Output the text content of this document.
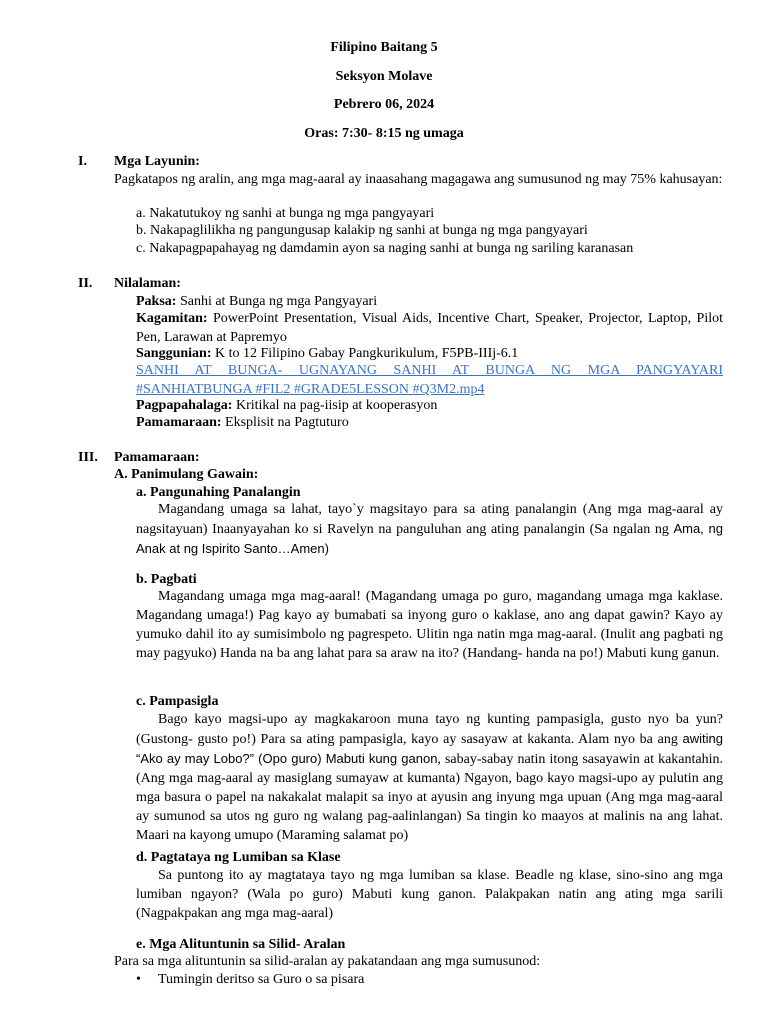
Filipino Baitang 5
Seksyon Molave
Pebrero 06, 2024
Oras: 7:30- 8:15 ng umaga
I. Mga Layunin:
Pagkatapos ng aralin, ang mga mag-aaral ay inaasahang magagawa ang sumusunod ng may 75% kahusayan:
a. Nakatutukoy ng sanhi at bunga ng mga pangyayari
b. Nakapaglilikha ng pangungusap kalakip ng sanhi at bunga ng mga pangyayari
c. Nakapagpapahayag ng damdamin ayon sa naging sanhi at bunga ng sariling karanasan
II. Nilalaman:
Paksa: Sanhi at Bunga ng mga Pangyayari
Kagamitan: PowerPoint Presentation, Visual Aids, Incentive Chart, Speaker, Projector, Laptop, Pilot Pen, Larawan at Papremyo
Sanggunian: K to 12 Filipino Gabay Pangkurikulum, F5PB-IIIj-6.1
SANHI AT BUNGA- UGNAYANG SANHI AT BUNGA NG MGA PANGYAYARI #SANHIATBUNGA #FIL2 #GRADE5LESSON #Q3M2.mp4
Pagpapahalaga: Kritikal na pag-iisip at kooperasyon
Pamamaraan: Eksplisit na Pagtuturo
III. Pamamaraan:
A. Panimulang Gawain:
a. Pangunahing Panalangin
Magandang umaga sa lahat, tayo`y magsitayo para sa ating panalangin (Ang mga mag-aaral ay nagsitayuan) Inaanyayahan ko si Ravelyn na panguluhan ang ating panalangin (Sa ngalan ng Ama, ng Anak at ng Ispirito Santo…Amen)
b. Pagbati
Magandang umaga mga mag-aaral! (Magandang umaga po guro, magandang umaga mga kaklase. Magandang umaga!) Pag kayo ay bumabati sa inyong guro o kaklase, ano ang dapat gawin? Kayo ay yumuko dahil ito ay sumisimbolo ng pagrespeto. Ulitin nga natin mga mag-aaral. (Inulit ang pagbati ng may pagyuko) Handa na ba ang lahat para sa araw na ito? (Handang- handa na po!) Mabuti kung ganun.
c. Pampasigla
Bago kayo magsi-upo ay magkakaroon muna tayo ng kunting pampasigla, gusto nyo ba yun? (Gustong- gusto po!) Para sa ating pampasigla, kayo ay sasayaw at kakanta. Alam nyo ba ang awiting “Ako ay may Lobo?” (Opo guro) Mabuti kung ganon, sabay-sabay natin itong sasayawin at kakantahin. (Ang mga mag-aaral ay masiglang sumayaw at kumanta) Ngayon, bago kayo magsi-upo ay pulutin ang mga basura o papel na nakakalat malapit sa inyo at ayusin ang inyung mga upuan (Ang mga mag-aaral ay sumunod sa utos ng guro ng walang pag-aalinlangan) Sa tingin ko maayos at malinis na ang lahat. Maari na kayong umupo (Maraming salamat po)
d. Pagtataya ng Lumiban sa Klase
Sa puntong ito ay magtataya tayo ng mga lumiban sa klase. Beadle ng klase, sino-sino ang mga lumiban ngayon? (Wala po guro) Mabuti kung ganon. Palakpakan natin ang ating mga sarili (Nagpakpakan ang mga mag-aaral)
e. Mga Alituntunin sa Silid- Aralan
Para sa mga alituntunin sa silid-aralan ay pakatandaan ang mga sumusunod:
• Tumingin deritso sa Guro o sa pisara
